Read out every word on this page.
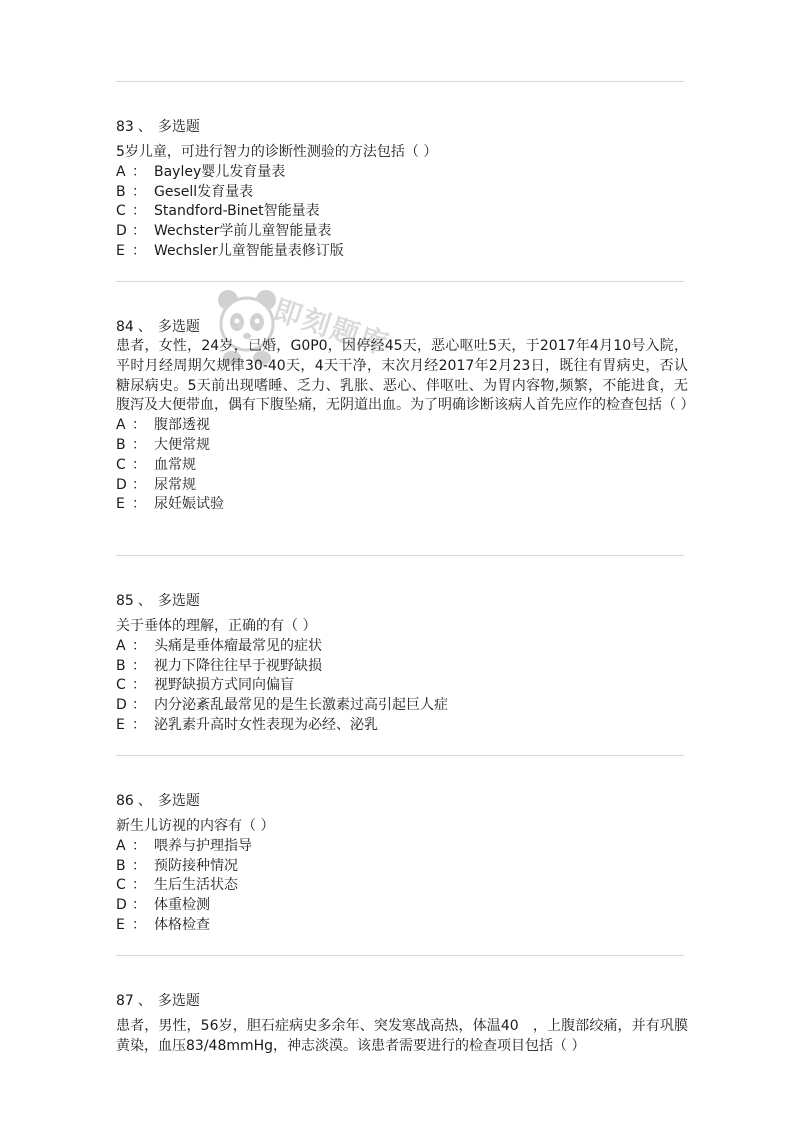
83 、 多选题

5岁儿童，可进行智力的诊断性测验的方法包括（ ）

A ： Bayley婴儿发育量表
B ： Gesell发育量表
C ： Standford-Binet智能量表
D ： Wechster学前儿童智能量表
E ： Wechsler儿童智能量表修订版

84 、 多选题

患者，女性，24岁，已婚，G0P0，因停经45天，恶心呕吐5天，于2017年4月10号入院，平时月经周期欠规律30-40天，4天干净，末次月经2017年2月23日，既往有胃病史，否认糖尿病史。5天前出现嗜睡、乏力、乳胀、恶心、伴呕吐、为胃内容物,频繁，不能进食，无腹泻及大便带血，偶有下腹坠痛，无阴道出血。为了明确诊断该病人首先应作的检查包括（ ）

A ： 腹部透视
B ： 大便常规
C ： 血常规
D ： 尿常规
E ： 尿妊娠试验

85 、 多选题

关于垂体的理解，正确的有（ ）

A ： 头痛是垂体瘤最常见的症状
B ： 视力下降往往早于视野缺损
C ： 视野缺损方式同向偏盲
D ： 内分泌紊乱最常见的是生长激素过高引起巨人症
E ： 泌乳素升高时女性表现为必经、泌乳

86 、 多选题

新生儿访视的内容有（ ）

A ： 喂养与护理指导
B ： 预防接种情况
C ： 生后生活状态
D ： 体重检测
E ： 体格检查

87 、 多选题

患者，男性，56岁，胆石症病史多余年、突发寒战高热，体温40　，上腹部绞痛，并有巩膜黄染，血压83/48mmHg，神志淡漠。该患者需要进行的检查项目包括（ ）

即刻题库
